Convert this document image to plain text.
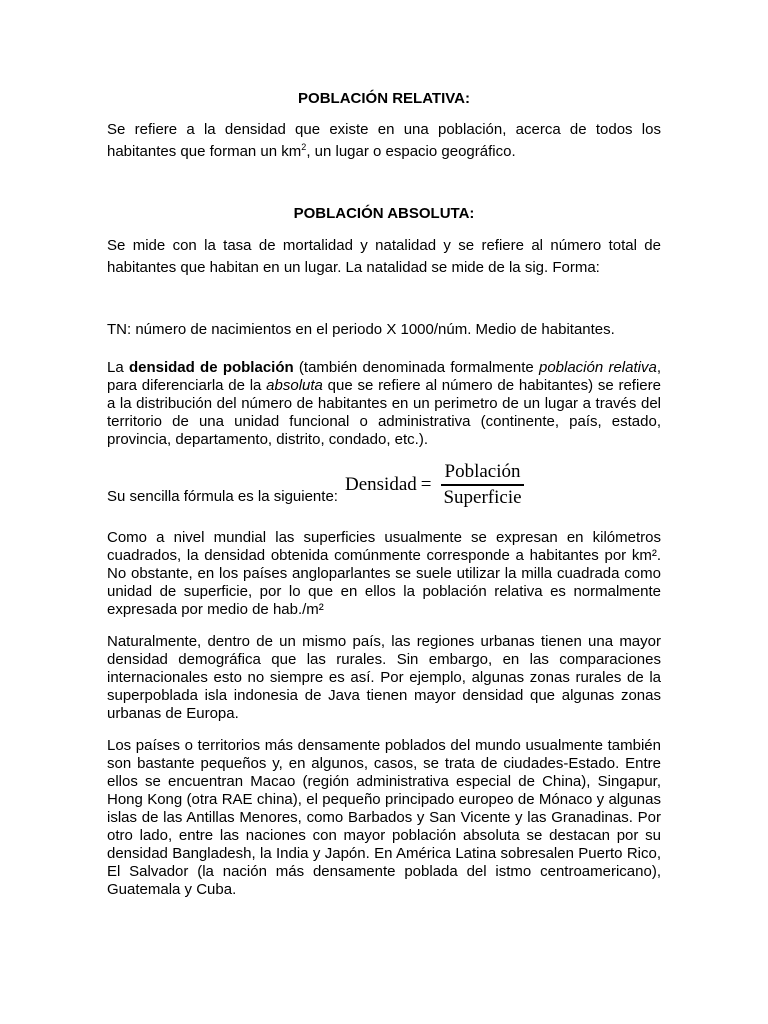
POBLACIÓN RELATIVA:
Se refiere a la densidad que existe en una población, acerca de todos los habitantes que forman un $km^2$, un lugar o espacio geográfico.
POBLACIÓN ABSOLUTA:
Se mide con la tasa de mortalidad y natalidad y se refiere al número total de habitantes que habitan en un lugar. La natalidad se mide de la sig. Forma:
TN: número de nacimientos en el periodo X 1000/núm. Medio de habitantes.
La densidad de población (también denominada formalmente población relativa, para diferenciarla de la absoluta que se refiere al número de habitantes) se refiere a la distribución del número de habitantes en un perimetro de un lugar a través del territorio de una unidad funcional o administrativa (continente, país, estado, provincia, departamento, distrito, condado, etc.).
Su sencilla fórmula es la siguiente:
Densidad = $\frac{\text{Población}}{\text{Superficie}}$
Como a nivel mundial las superficies usualmente se expresan en kilómetros cuadrados, la densidad obtenida comúnmente corresponde a habitantes por km². No obstante, en los países angloparlantes se suele utilizar la milla cuadrada como unidad de superficie, por lo que en ellos la población relativa es normalmente expresada por medio de hab./m²
Naturalmente, dentro de un mismo país, las regiones urbanas tienen una mayor densidad demográfica que las rurales. Sin embargo, en las comparaciones internacionales esto no siempre es así. Por ejemplo, algunas zonas rurales de la superpoblada isla indonesia de Java tienen mayor densidad que algunas zonas urbanas de Europa.
Los países o territorios más densamente poblados del mundo usualmente también son bastante pequeños y, en algunos, casos, se trata de ciudades-Estado. Entre ellos se encuentran Macao (región administrativa especial de China), Singapur, Hong Kong (otra RAE china), el pequeño principado europeo de Mónaco y algunas islas de las Antillas Menores, como Barbados y San Vicente y las Granadinas. Por otro lado, entre las naciones con mayor población absoluta se destacan por su densidad Bangladesh, la India y Japón. En América Latina sobresalen Puerto Rico, El Salvador (la nación más densamente poblada del istmo centroamericano), Guatemala y Cuba.
